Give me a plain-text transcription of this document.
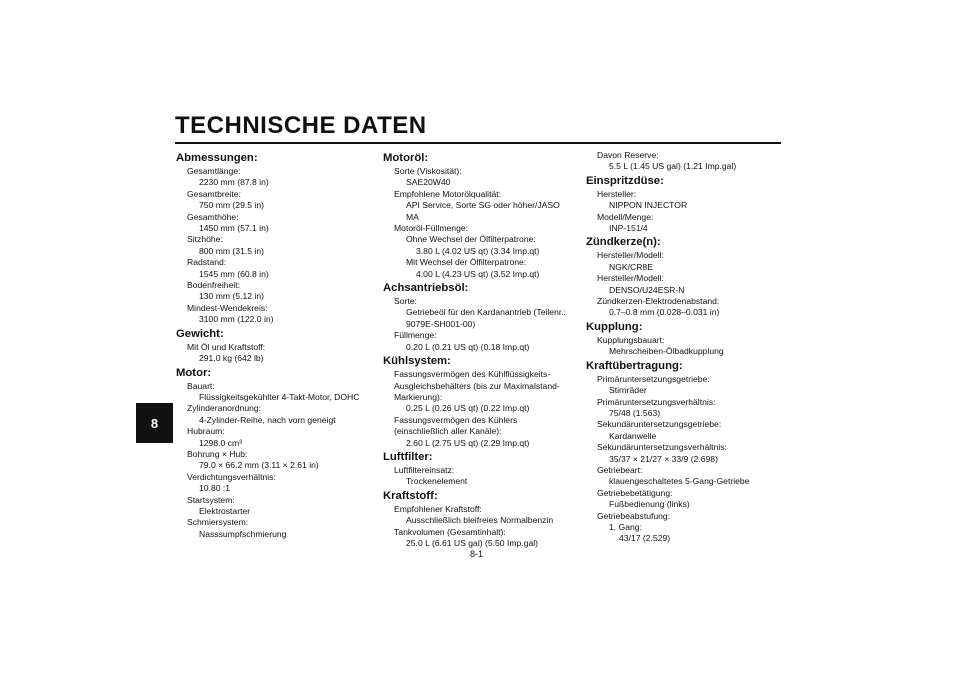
TECHNISCHE DATEN
8
Abmessungen:
Gesamtlänge:
2230 mm (87.8 in)
Gesamtbreite:
750 mm (29.5 in)
Gesamthöhe:
1450 mm (57.1 in)
Sitzhöhe:
800 mm (31.5 in)
Radstand:
1545 mm (60.8 in)
Bodenfreiheit:
130 mm (5.12 in)
Mindest-Wendekreis:
3100 mm (122.0 in)
Gewicht:
Mit Öl und Kraftstoff:
291.0 kg (642 lb)
Motor:
Bauart:
Flüssigkeitsgekühlter 4-Takt-Motor, DOHC
Zylinderanordnung:
4-Zylinder-Reihe, nach vorn geneigt
Hubraum:
1298.0 cm³
Bohrung × Hub:
79.0 × 66.2 mm (3.11 × 2.61 in)
Verdichtungsverhältnis:
10.80 :1
Startsystem:
Elektrostarter
Schmiersystem:
Nasssumpfschmierung
Motoröl:
Sorte (Viskosität):
SAE20W40
Empfohlene Motorölqualität:
API Service, Sorte SG oder höher/JASO
MA
Motoröl-Füllmenge:
Ohne Wechsel der Ölfilterpatrone:
3.80 L (4.02 US qt) (3.34 Imp.qt)
Mit Wechsel der Ölfilterpatrone:
4.00 L (4.23 US qt) (3.52 Imp.qt)
Achsantriebsöl:
Sorte:
Getriebeöl für den Kardanantrieb (Teilenr.:
9079E-SH001-00)
Füllmenge:
0.20 L (0.21 US qt) (0.18 Imp.qt)
Kühlsystem:
Fassungsvermögen des Kühlflüssigkeits-
Ausgleichsbehälters (bis zur Maximalstand-
Markierung):
0.25 L (0.26 US qt) (0.22 Imp.qt)
Fassungsvermögen des Kühlers
(einschließlich aller Kanäle):
2.60 L (2.75 US qt) (2.29 Imp.qt)
Luftfilter:
Luftfiltereinsatz:
Trockenelement
Kraftstoff:
Empfohlener Kraftstoff:
Ausschließlich bleifreies Normalbenzin
Tankvolumen (Gesamtinhalt):
25.0 L (6.61 US gal) (5.50 Imp.gal)
Davon Reserve:
5.5 L (1.45 US gal) (1.21 Imp.gal)
Einspritzdüse:
Hersteller:
NIPPON INJECTOR
Modell/Menge:
INP-151/4
Zündkerze(n):
Hersteller/Modell:
NGK/CR8E
Hersteller/Modell:
DENSO/U24ESR-N
Zündkerzen-Elektrodenabstand:
0.7–0.8 mm (0.028–0.031 in)
Kupplung:
Kupplungsbauart:
Mehrscheiben-Ölbadkupplung
Kraftübertragung:
Primäruntersetzungsgetriebe:
Stirnräder
Primäruntersetzungsverhältnis:
75/48 (1.563)
Sekundäruntersetzungsgetriebe:
Kardanwelle
Sekundäruntersetzungsverhältnis:
35/37 × 21/27 × 33/9 (2.698)
Getriebeart:
klauengeschaltetes 5-Gang-Getriebe
Getriebebetätigung:
Fußbedienung (links)
Getriebeabstufung:
1. Gang:
43/17 (2.529)
8-1
